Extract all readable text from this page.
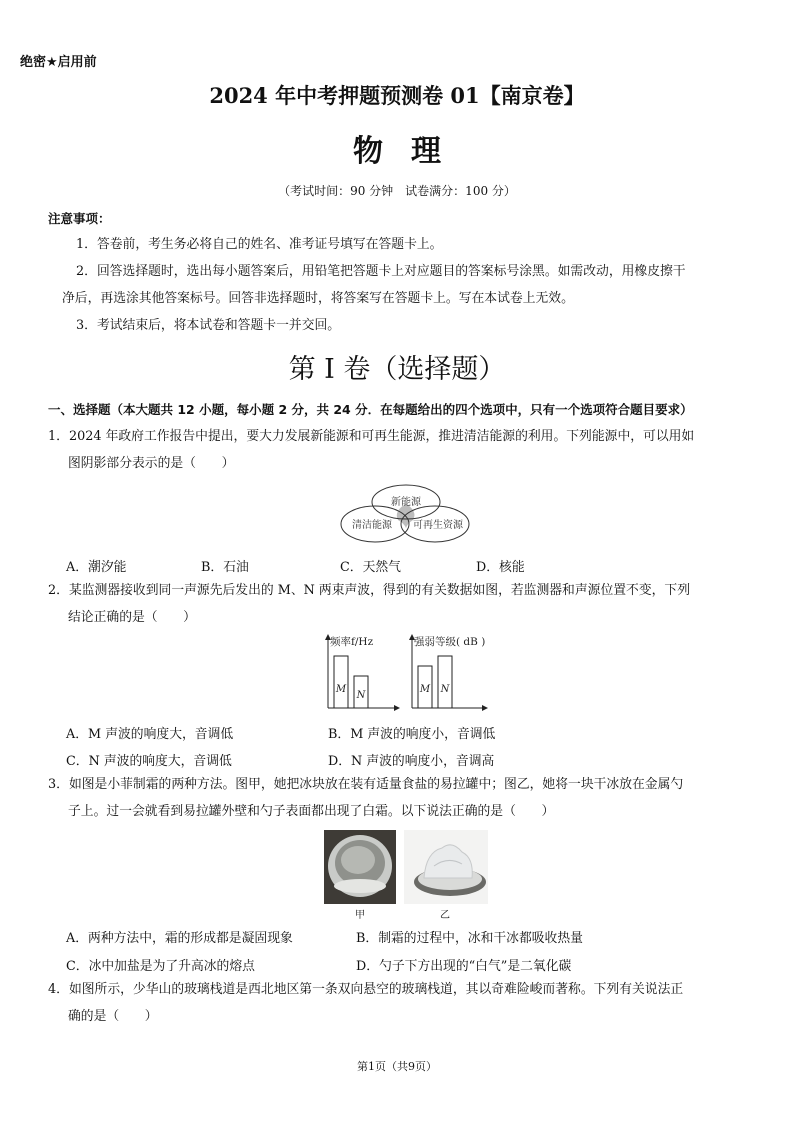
绝密★启用前
2024 年中考押题预测卷 01【南京卷】
物理
（考试时间：90 分钟　试卷满分：100 分）
注意事项：
1．答卷前，考生务必将自己的姓名、准考证号填写在答题卡上。
2．回答选择题时，选出每小题答案后，用铅笔把答题卡上对应题目的答案标号涂黑。如需改动，用橡皮擦干
净后，再选涂其他答案标号。回答非选择题时，将答案写在答题卡上。写在本试卷上无效。
3．考试结束后，将本试卷和答题卡一并交回。
第 I 卷（选择题）
一、选择题（本大题共 12 小题，每小题 2 分，共 24 分．在每题给出的四个选项中，只有一个选项符合题目要求）
1．2024 年政府工作报告中提出，要大力发展新能源和可再生能源，推进清洁能源的利用。下列能源中，可以用如
图阴影部分表示的是（　　）
新能源
清洁能源 可再生资源
A．潮汐能	B．石油	C．天然气	D．核能
2．某监测器接收到同一声源先后发出的 M、N 两束声波，得到的有关数据如图，若监测器和声源位置不变，下列
结论正确的是（　　）
频率f/Hz
M
N
强弱等级( dB )
M N
A．M 声波的响度大，音调低	B．M 声波的响度小，音调低
C．N 声波的响度大，音调低	D．N 声波的响度小，音调高
3．如图是小菲制霜的两种方法。图甲，她把冰块放在装有适量食盐的易拉罐中；图乙，她将一块干冰放在金属勺
子上。过一会就看到易拉罐外壁和勺子表面都出现了白霜。以下说法正确的是（　　）
甲	乙
A．两种方法中，霜的形成都是凝固现象	B．制霜的过程中，冰和干冰都吸收热量
C．冰中加盐是为了升高冰的熔点	D．勺子下方出现的“白气”是二氧化碳
4．如图所示，少华山的玻璃栈道是西北地区第一条双向悬空的玻璃栈道，其以奇难险峻而著称。下列有关说法正
确的是（　　）
第1页（共9页）
